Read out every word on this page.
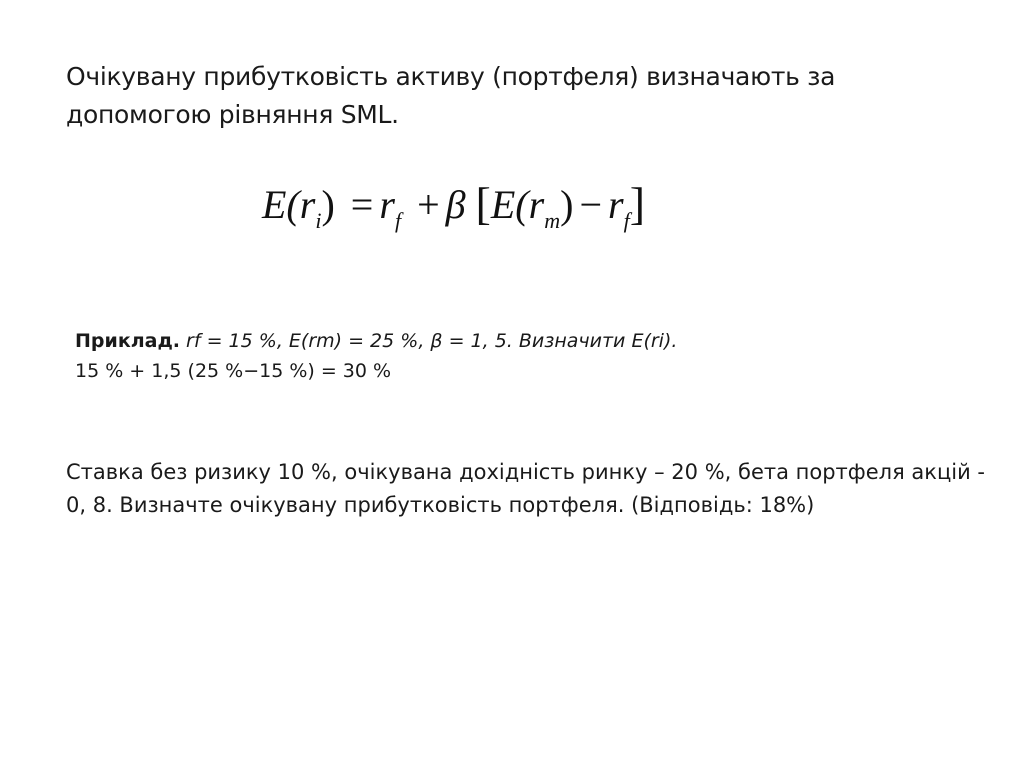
Очікувану прибутковість активу (портфеля) визначають за допомогою рівняння SML.
$E(r_i) = r_f + \beta$ $[E(r_m) - r_f]$
Приклад. rf = 15 %, E(rm) = 25 %, β = 1, 5. Визначити E(ri).
15 % + 1,5 (25 %−15 %) = 30 %
Ставка без ризику 10 %, очікувана дохідність ринку – 20 %, бета портфеля акцій - 0, 8. Визначте очікувану прибутковість портфеля. (Відповідь: 18%)
